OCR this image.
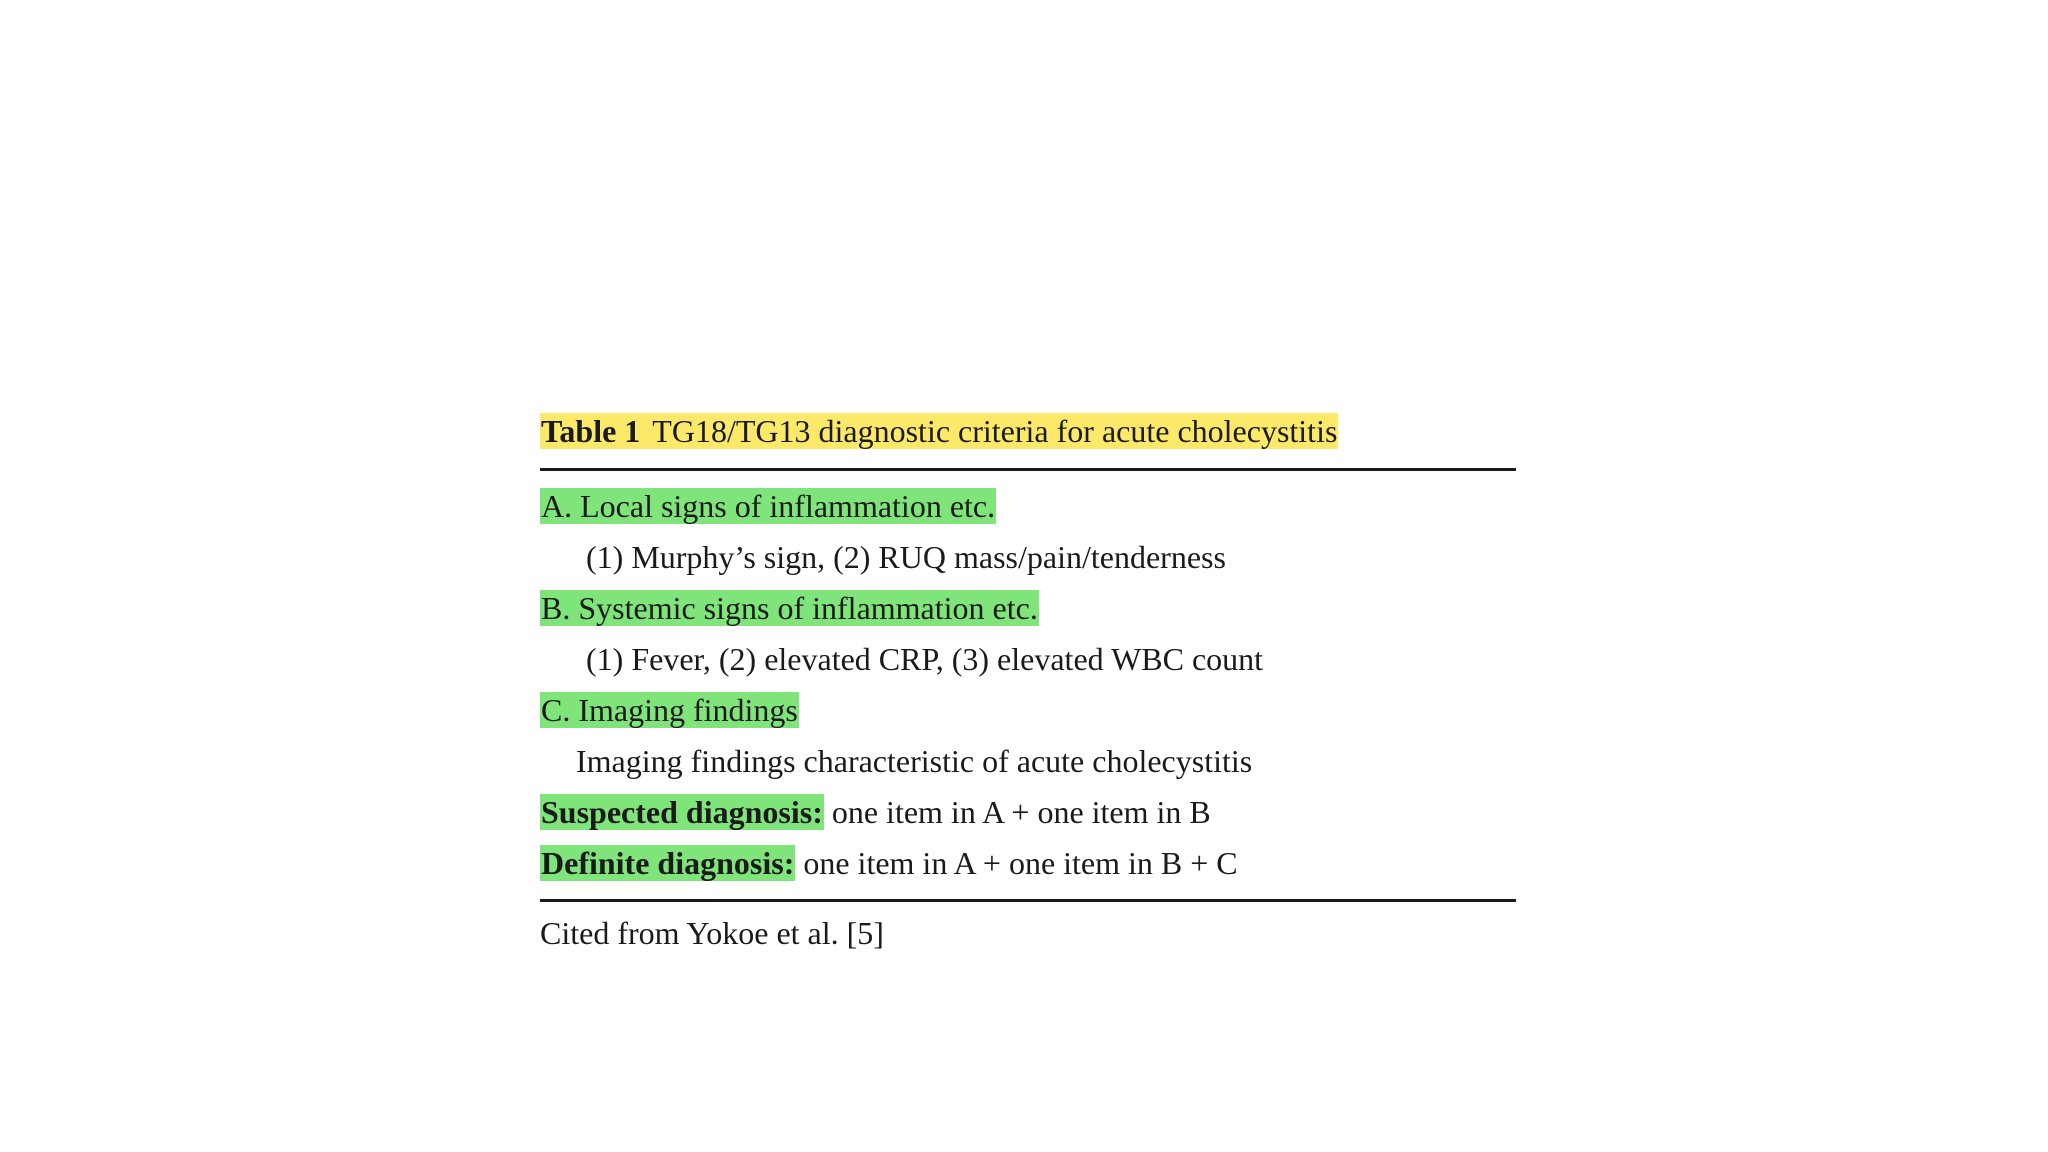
Table 1 TG18/TG13 diagnostic criteria for acute cholecystitis
A. Local signs of inflammation etc.
(1) Murphy’s sign, (2) RUQ mass/pain/tenderness
B. Systemic signs of inflammation etc.
(1) Fever, (2) elevated CRP, (3) elevated WBC count
C. Imaging findings
Imaging findings characteristic of acute cholecystitis
Suspected diagnosis: one item in A + one item in B
Definite diagnosis: one item in A + one item in B + C
Cited from Yokoe et al. [5]
